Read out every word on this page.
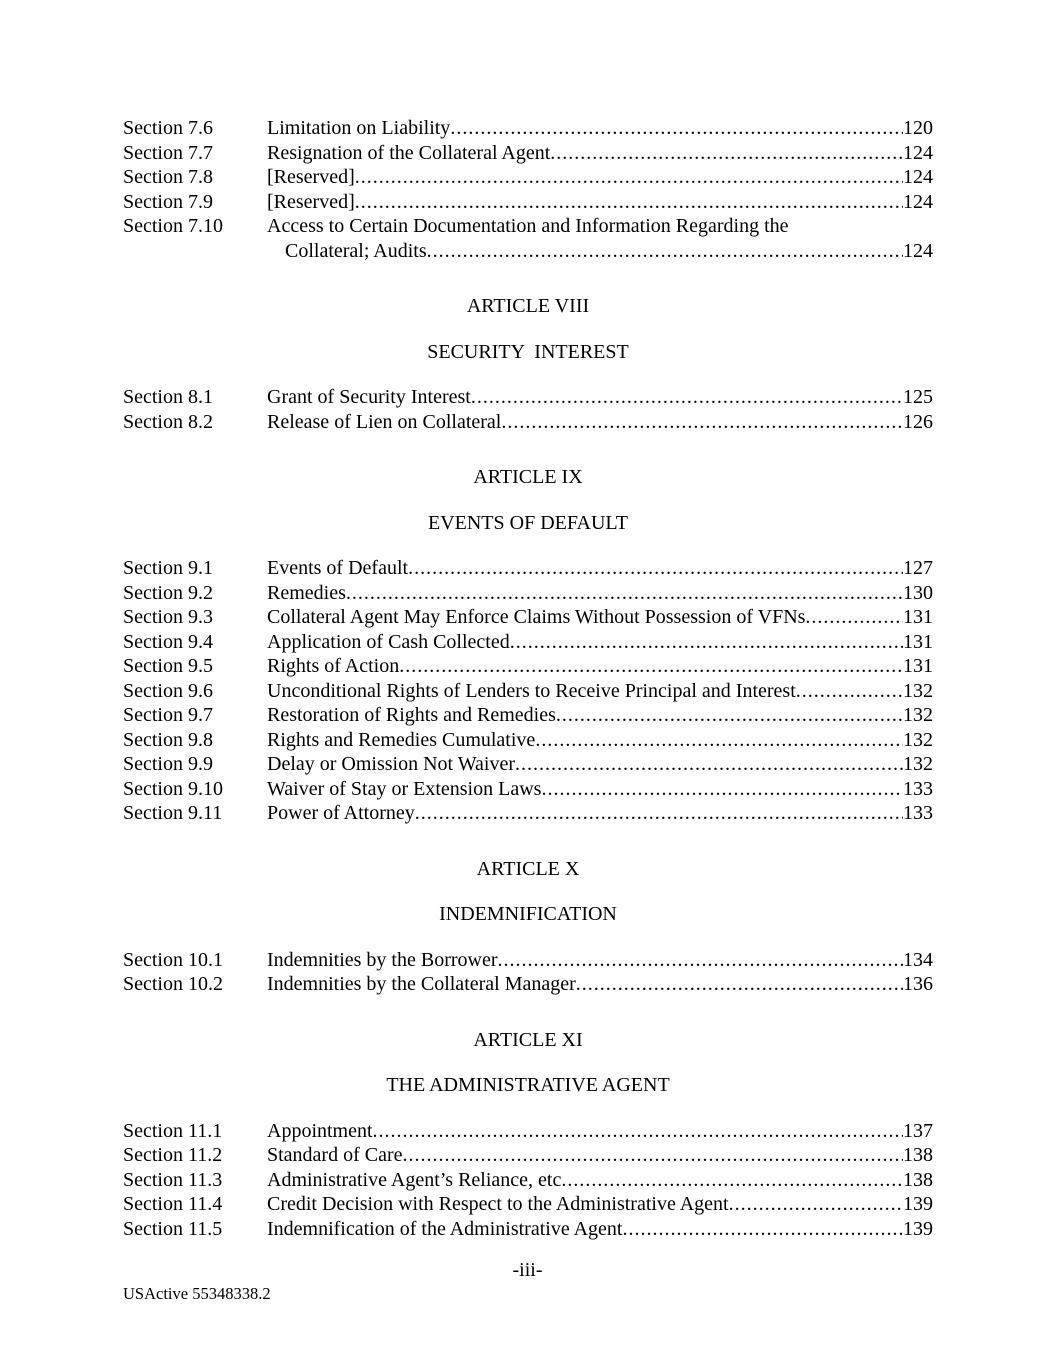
Section 7.6	Limitation on Liability .....	120
Section 7.7	Resignation of the Collateral Agent .....	124
Section 7.8	[Reserved] .....	124
Section 7.9	[Reserved] .....	124
Section 7.10	Access to Certain Documentation and Information Regarding the
Collateral; Audits .....	124
ARTICLE VIII
SECURITY  INTEREST
Section 8.1	Grant of Security Interest .....	125
Section 8.2	Release of Lien on Collateral .....	126
ARTICLE IX
EVENTS OF DEFAULT
Section 9.1	Events of Default .....	127
Section 9.2	Remedies .....	130
Section 9.3	Collateral Agent May Enforce Claims Without Possession of VFNs .....	131
Section 9.4	Application of Cash Collected .....	131
Section 9.5	Rights of Action .....	131
Section 9.6	Unconditional Rights of Lenders to Receive Principal and Interest .....	132
Section 9.7	Restoration of Rights and Remedies .....	132
Section 9.8	Rights and Remedies Cumulative .....	132
Section 9.9	Delay or Omission Not Waiver .....	132
Section 9.10	Waiver of Stay or Extension Laws .....	133
Section 9.11	Power of Attorney .....	133
ARTICLE X
INDEMNIFICATION
Section 10.1	Indemnities by the Borrower .....	134
Section 10.2	Indemnities by the Collateral Manager .....	136
ARTICLE XI
THE ADMINISTRATIVE AGENT
Section 11.1	Appointment .....	137
Section 11.2	Standard of Care .....	138
Section 11.3	Administrative Agent’s Reliance, etc .....	138
Section 11.4	Credit Decision with Respect to the Administrative Agent .....	139
Section 11.5	Indemnification of the Administrative Agent .....	139
-iii-
USActive 55348338.2
